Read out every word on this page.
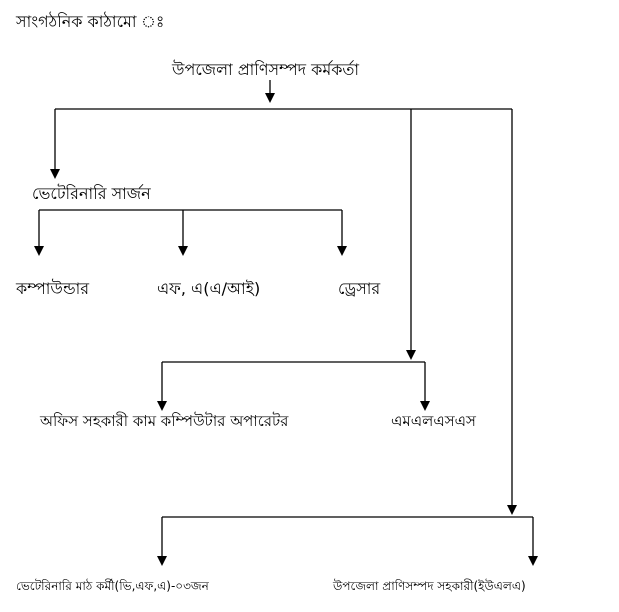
সাংগঠনিক কাঠামো ঃ
উপজেলা প্রাণিসম্পদ কর্মকর্তা
ভেটেরিনারি সার্জন
কম্পাউন্ডার	এফ, এ(এ/আই)	ড্রেসার
অফিস সহকারী কাম কম্পিউটার অপারেটর	এমএলএসএস
ভেটেরিনারি মাঠ কর্মী(ভি,এফ,এ)-০৩জন	উপজেলা প্রাণিসম্পদ সহকারী(ইউএলএ)
